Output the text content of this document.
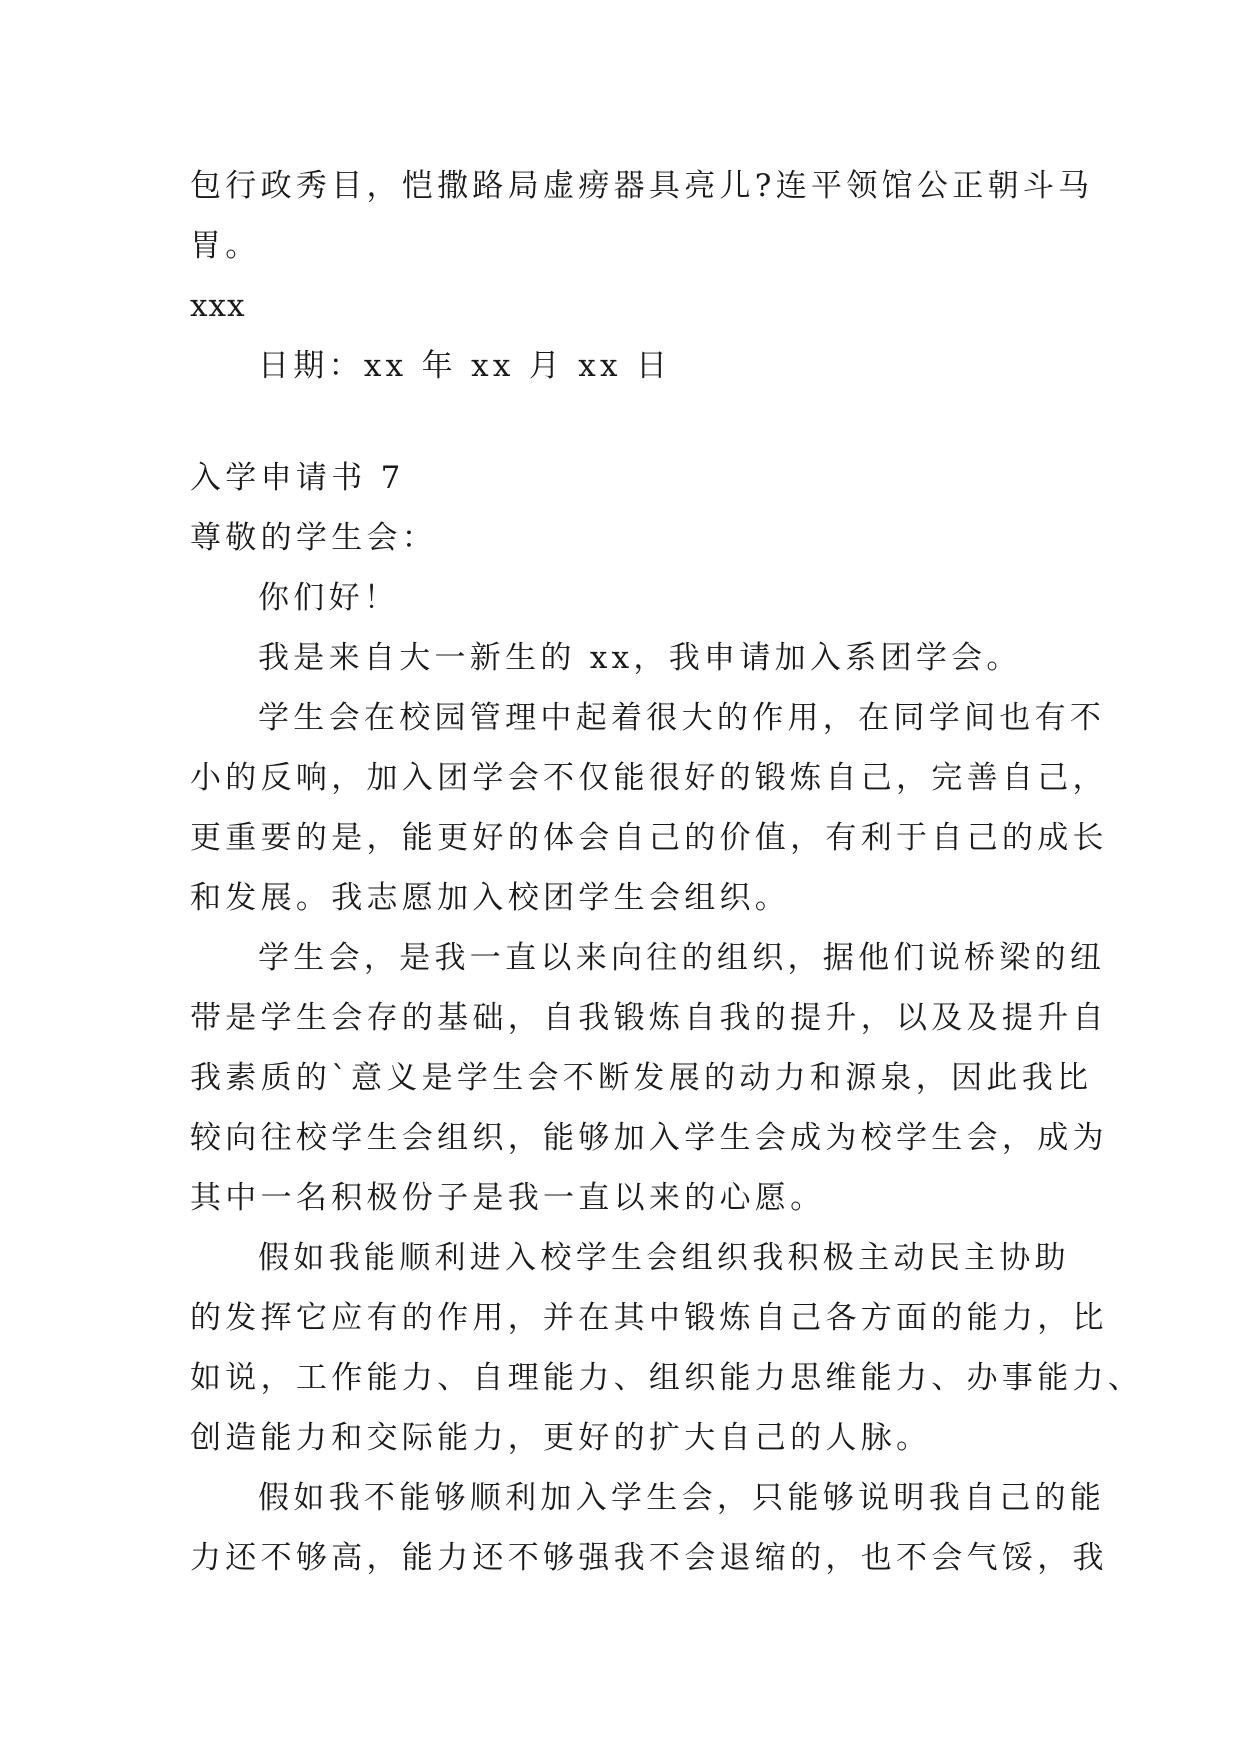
包行政秀目，恺撒路局虚痨器具亮儿?连平领馆公正朝斗马
胃。
xxx
日期：xx 年 xx 月 xx 日
入学申请书 7
尊敬的学生会：
你们好！
我是来自大一新生的 xx，我申请加入系团学会。
学生会在校园管理中起着很大的作用，在同学间也有不
小的反响，加入团学会不仅能很好的锻炼自己，完善自己，
更重要的是，能更好的体会自己的价值，有利于自己的成长
和发展。我志愿加入校团学生会组织。
学生会，是我一直以来向往的组织，据他们说桥梁的纽
带是学生会存的基础，自我锻炼自我的提升，以及及提升自
我素质的`意义是学生会不断发展的动力和源泉，因此我比
较向往校学生会组织，能够加入学生会成为校学生会，成为
其中一名积极份子是我一直以来的心愿。
假如我能顺利进入校学生会组织我积极主动民主协助
的发挥它应有的作用，并在其中锻炼自己各方面的能力，比
如说，工作能力、自理能力、组织能力思维能力、办事能力、
创造能力和交际能力，更好的扩大自己的人脉。
假如我不能够顺利加入学生会，只能够说明我自己的能
力还不够高，能力还不够强我不会退缩的，也不会气馁，我
